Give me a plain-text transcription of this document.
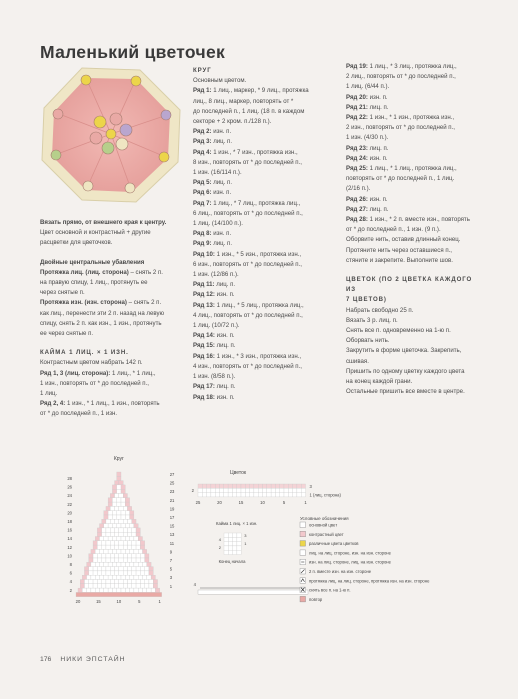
Маленький цветочек

Вязать прямо, от внешнего края к центру.

Цвет основной и контрастный + другие

расцветки для цветочков.

Двойные центральные убавления

Протяжка лиц. (лиц. сторона) – снять 2 п.

на правую спицу, 1 лиц., протянуть ее

через снятые п.

Протяжка изн. (изн. сторона) – снять 2 п.

как лиц., перенести эти 2 п. назад на левую

спицу, снять 2 п. как изн., 1 изн., протянуть

ее через снятые п.

КАЙМА 1 ЛИЦ. × 1 ИЗН.

Контрастным цветом набрать 142 п.

Ряд 1, 3 (лиц. сторона): 1 лиц., * 1 лиц.,

1 изн., повторять от * до последней п.,

1 лиц.

Ряд 2, 4: 1 изн., * 1 лиц., 1 изн., повторять

от * до последней п., 1 изн.

КРУГ

Основным цветом.

Ряд 1: 1 лиц., маркер, * 9 лиц., протяжка

лиц., 8 лиц., маркер, повторять от *

до последней п., 1 лиц. (18 п. в каждом

секторе + 2 кром. п./128 п.).

Ряд 2: изн. п.

Ряд 3: лиц. п.

Ряд 4: 1 изн., * 7 изн., протяжка изн.,

8 изн., повторять от * до последней п.,

1 изн. (16/114 п.).

Ряд 5: лиц. п.

Ряд 6: изн. п.

Ряд 7: 1 лиц., * 7 лиц., протяжка лиц.,

6 лиц., повторять от * до последней п.,

1 лиц. (14/100 п.).

Ряд 8: изн. п.

Ряд 9: лиц. п.

Ряд 10: 1 изн., * 5 изн., протяжка изн.,

6 изн., повторять от * до последней п.,

1 изн. (12/86 п.).

Ряд 11: лиц. п.

Ряд 12: изн. п.

Ряд 13: 1 лиц., * 5 лиц., протяжка лиц.,

4 лиц., повторять от * до последней п.,

1 лиц. (10/72 п.).

Ряд 14: изн. п.

Ряд 15: лиц. п.

Ряд 16: 1 изн., * 3 изн., протяжка изн.,

4 изн., повторять от * до последней п.,

1 изн. (8/58 п.).

Ряд 17: лиц. п.

Ряд 18: изн. п.

Ряд 19: 1 лиц., * 3 лиц., протяжка лиц.,

2 лиц., повторять от * до последней п.,

1 лиц. (6/44 п.).

Ряд 20: изн. п.

Ряд 21: лиц. п.

Ряд 22: 1 изн., * 1 изн., протяжка изн.,

2 изн., повторять от * до последней п.,

1 изн. (4/30 п.).

Ряд 23: лиц. п.

Ряд 24: изн. п.

Ряд 25: 1 лиц., * 1 лиц., протяжка лиц.,

повторять от * до последней п., 1 лиц.

(2/16 п.).

Ряд 26: изн. п.

Ряд 27: лиц. п.

Ряд 28: 1 изн., * 2 п. вместе изн., повторять

от * до последней п., 1 изн. (9 п.).

Оборвите нить, оставив длинный конец.

Протяните нить через оставшиеся п.,

стяните и закрепите. Выполните шов.

ЦВЕТОК (ПО 2 ЦВЕТКА КАЖДОГО ИЗ

7 ЦВЕТОВ)

Набрать свободно 25 п.

Вязать 3 р. лиц. п.

Снять все п. одновременно на 1-ю п.

Оборвать нить.

Закрутить в форме цветочка. Закрепить,

сшивая.

Пришить по одному цветку каждого цвета

на конец каждой грани.

Остальные пришить все вместе в центре.

Круг
27
25
23
21
19
17
15
13
11
9
7
5
3
1
28
26
24
22
20
18
16
14
12
10
8
6
4
2
20	15	10	5	1
Цветок
3
1 (лиц. сторона)
2
25	20	15	10	5	1
Кайма 1 лиц. × 1 изн.
3
1
4
2
Конец начала
4
Условные обозначения
основной цвет
контрастный цвет
различные цвета цветков
лиц. на лиц. стороне, изн. на изн. стороне
изн. на лиц. стороне, лиц. на изн. стороне
2 п. вместе изн. на изн. стороне
протяжка лиц. на лиц. стороне, протяжка изн. на изн. стороне
снять все п. на 1-ю п.
повтор
176 НИКИ ЭПСТАЙН
